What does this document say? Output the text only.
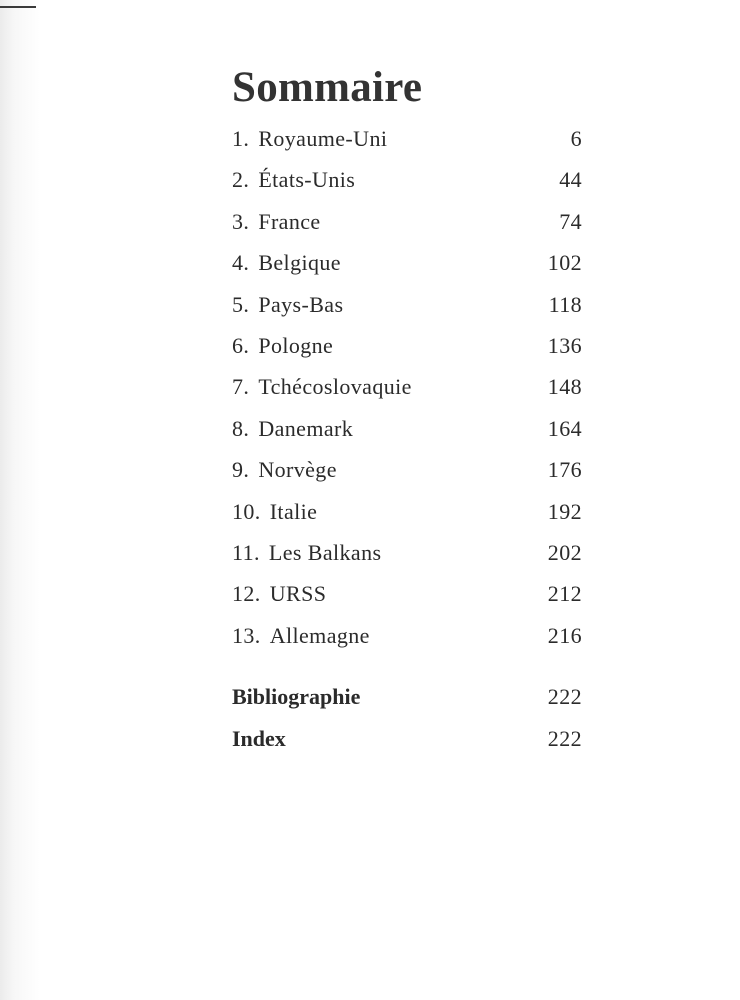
Sommaire
1. Royaume-Uni	6
2. États-Unis	44
3. France	74
4. Belgique	102
5. Pays-Bas	118
6. Pologne	136
7. Tchécoslovaquie	148
8. Danemark	164
9. Norvège	176
10. Italie	192
11. Les Balkans	202
12. URSS	212
13. Allemagne	216
Bibliographie	222
Index	222
